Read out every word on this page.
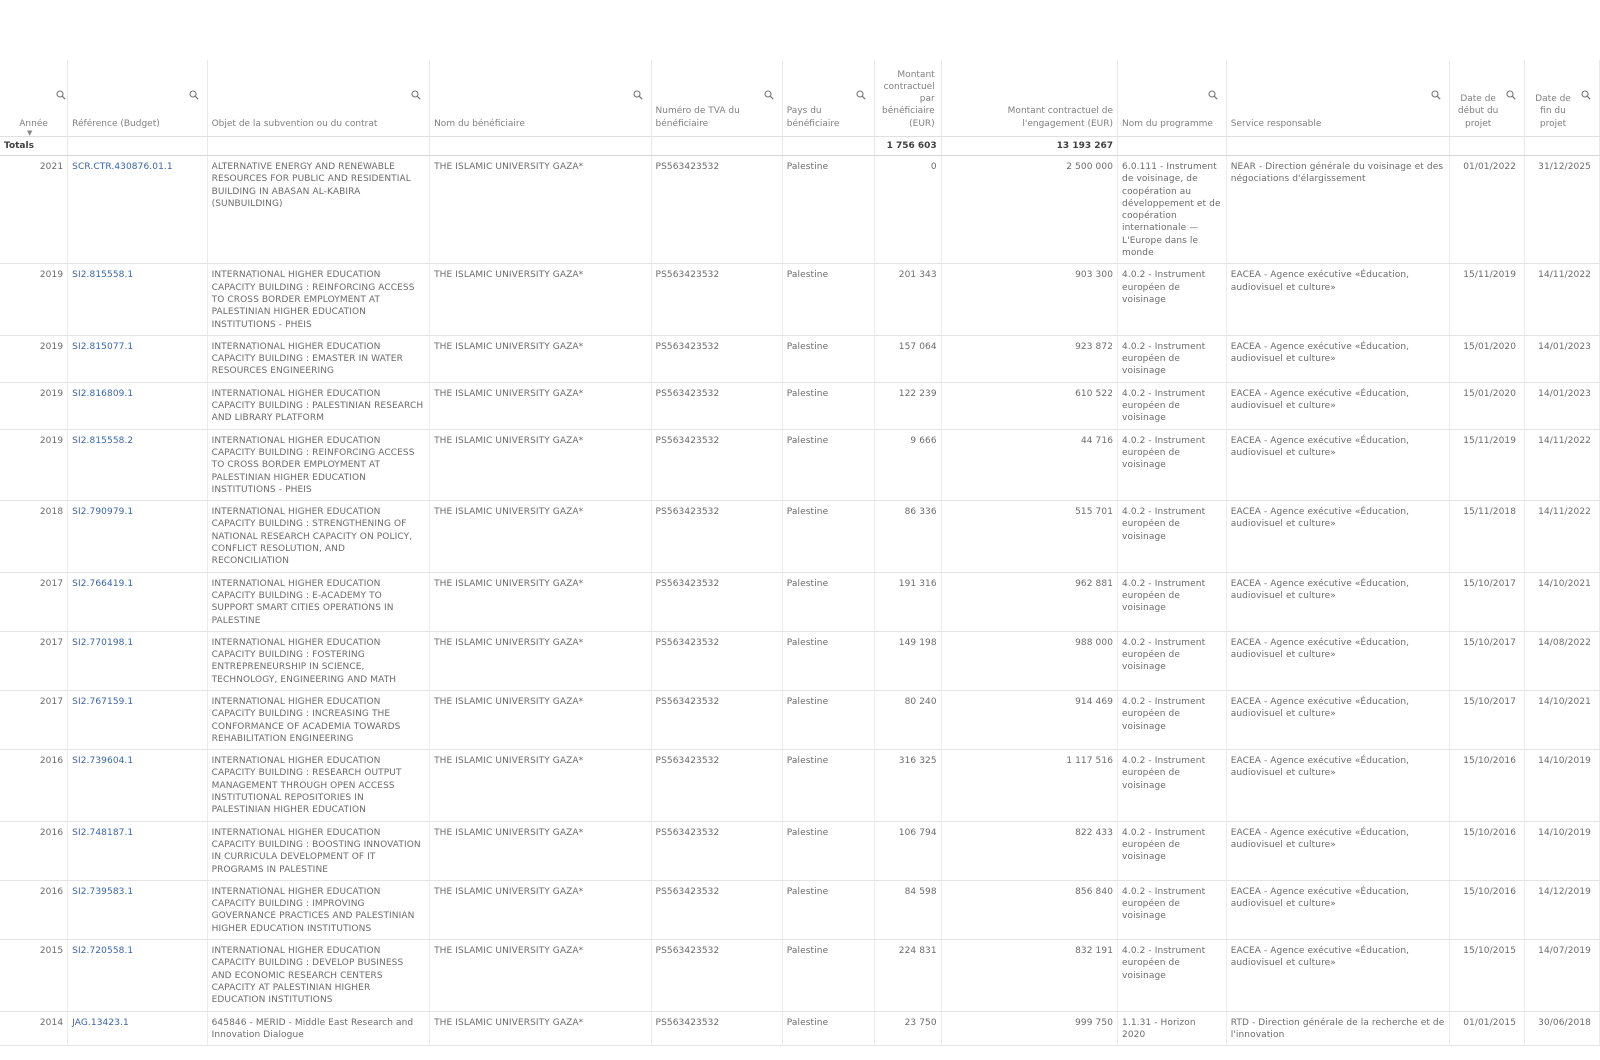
Année	Référence (Budget)	Objet de la subvention ou du contrat	Nom du bénéficiaire	Numéro de TVA du bénéficiaire	Pays du bénéficiaire	Montant contractuel par bénéficiaire (EUR)	Montant contractuel de l'engagement (EUR)	Nom du programme	Service responsable	Date de début du projet	Date de fin du projet

▼
Totals						1 756 603	13 193 267				
2021	SCR.CTR.430876.01.1	ALTERNATIVE ENERGY AND RENEWABLE RESOURCES FOR PUBLIC AND RESIDENTIAL BUILDING IN ABASAN AL-KABIRA (SUNBUILDING)	THE ISLAMIC UNIVERSITY GAZA*	PS563423532	Palestine	0	2 500 000	6.0.111 - Instrument de voisinage, de coopération au développement et de coopération internationale — L'Europe dans le monde	NEAR - Direction générale du voisinage et des négociations d'élargissement	01/01/2022	31/12/2025
2019	SI2.815558.1	INTERNATIONAL HIGHER EDUCATION CAPACITY BUILDING : REINFORCING ACCESS TO CROSS BORDER EMPLOYMENT AT PALESTINIAN HIGHER EDUCATION INSTITUTIONS - PHEIS	THE ISLAMIC UNIVERSITY GAZA*	PS563423532	Palestine	201 343	903 300	4.0.2 - Instrument européen de voisinage	EACEA - Agence exécutive «Éducation, audiovisuel et culture»	15/11/2019	14/11/2022
2019	SI2.815077.1	INTERNATIONAL HIGHER EDUCATION CAPACITY BUILDING : EMASTER IN WATER RESOURCES ENGINEERING	THE ISLAMIC UNIVERSITY GAZA*	PS563423532	Palestine	157 064	923 872	4.0.2 - Instrument européen de voisinage	EACEA - Agence exécutive «Éducation, audiovisuel et culture»	15/01/2020	14/01/2023
2019	SI2.816809.1	INTERNATIONAL HIGHER EDUCATION CAPACITY BUILDING : PALESTINIAN RESEARCH AND LIBRARY PLATFORM	THE ISLAMIC UNIVERSITY GAZA*	PS563423532	Palestine	122 239	610 522	4.0.2 - Instrument européen de voisinage	EACEA - Agence exécutive «Éducation, audiovisuel et culture»	15/01/2020	14/01/2023
2019	SI2.815558.2	INTERNATIONAL HIGHER EDUCATION CAPACITY BUILDING : REINFORCING ACCESS TO CROSS BORDER EMPLOYMENT AT PALESTINIAN HIGHER EDUCATION INSTITUTIONS - PHEIS	THE ISLAMIC UNIVERSITY GAZA*	PS563423532	Palestine	9 666	44 716	4.0.2 - Instrument européen de voisinage	EACEA - Agence exécutive «Éducation, audiovisuel et culture»	15/11/2019	14/11/2022
2018	SI2.790979.1	INTERNATIONAL HIGHER EDUCATION CAPACITY BUILDING : STRENGTHENING OF NATIONAL RESEARCH CAPACITY ON POLICY, CONFLICT RESOLUTION, AND RECONCILIATION	THE ISLAMIC UNIVERSITY GAZA*	PS563423532	Palestine	86 336	515 701	4.0.2 - Instrument européen de voisinage	EACEA - Agence exécutive «Éducation, audiovisuel et culture»	15/11/2018	14/11/2022
2017	SI2.766419.1	INTERNATIONAL HIGHER EDUCATION CAPACITY BUILDING : E-ACADEMY TO SUPPORT SMART CITIES OPERATIONS IN PALESTINE	THE ISLAMIC UNIVERSITY GAZA*	PS563423532	Palestine	191 316	962 881	4.0.2 - Instrument européen de voisinage	EACEA - Agence exécutive «Éducation, audiovisuel et culture»	15/10/2017	14/10/2021
2017	SI2.770198.1	INTERNATIONAL HIGHER EDUCATION CAPACITY BUILDING : FOSTERING ENTREPRENEURSHIP IN SCIENCE, TECHNOLOGY, ENGINEERING AND MATH	THE ISLAMIC UNIVERSITY GAZA*	PS563423532	Palestine	149 198	988 000	4.0.2 - Instrument européen de voisinage	EACEA - Agence exécutive «Éducation, audiovisuel et culture»	15/10/2017	14/08/2022
2017	SI2.767159.1	INTERNATIONAL HIGHER EDUCATION CAPACITY BUILDING : INCREASING THE CONFORMANCE OF ACADEMIA TOWARDS REHABILITATION ENGINEERING	THE ISLAMIC UNIVERSITY GAZA*	PS563423532	Palestine	80 240	914 469	4.0.2 - Instrument européen de voisinage	EACEA - Agence exécutive «Éducation, audiovisuel et culture»	15/10/2017	14/10/2021
2016	SI2.739604.1	INTERNATIONAL HIGHER EDUCATION CAPACITY BUILDING : RESEARCH OUTPUT MANAGEMENT THROUGH OPEN ACCESS INSTITUTIONAL REPOSITORIES IN PALESTINIAN HIGHER EDUCATION	THE ISLAMIC UNIVERSITY GAZA*	PS563423532	Palestine	316 325	1 117 516	4.0.2 - Instrument européen de voisinage	EACEA - Agence exécutive «Éducation, audiovisuel et culture»	15/10/2016	14/10/2019
2016	SI2.748187.1	INTERNATIONAL HIGHER EDUCATION CAPACITY BUILDING : BOOSTING INNOVATION IN CURRICULA DEVELOPMENT OF IT PROGRAMS IN PALESTINE	THE ISLAMIC UNIVERSITY GAZA*	PS563423532	Palestine	106 794	822 433	4.0.2 - Instrument européen de voisinage	EACEA - Agence exécutive «Éducation, audiovisuel et culture»	15/10/2016	14/10/2019
2016	SI2.739583.1	INTERNATIONAL HIGHER EDUCATION CAPACITY BUILDING : IMPROVING GOVERNANCE PRACTICES AND PALESTINIAN HIGHER EDUCATION INSTITUTIONS	THE ISLAMIC UNIVERSITY GAZA*	PS563423532	Palestine	84 598	856 840	4.0.2 - Instrument européen de voisinage	EACEA - Agence exécutive «Éducation, audiovisuel et culture»	15/10/2016	14/12/2019
2015	SI2.720558.1	INTERNATIONAL HIGHER EDUCATION CAPACITY BUILDING : DEVELOP BUSINESS AND ECONOMIC RESEARCH CENTERS CAPACITY AT PALESTINIAN HIGHER EDUCATION INSTITUTIONS	THE ISLAMIC UNIVERSITY GAZA*	PS563423532	Palestine	224 831	832 191	4.0.2 - Instrument européen de voisinage	EACEA - Agence exécutive «Éducation, audiovisuel et culture»	15/10/2015	14/07/2019
2014	JAG.13423.1	645846 - MERID - Middle East Research and Innovation Dialogue	THE ISLAMIC UNIVERSITY GAZA*	PS563423532	Palestine	23 750	999 750	1.1.31 - Horizon 2020	RTD - Direction générale de la recherche et de l'innovation	01/01/2015	30/06/2018
